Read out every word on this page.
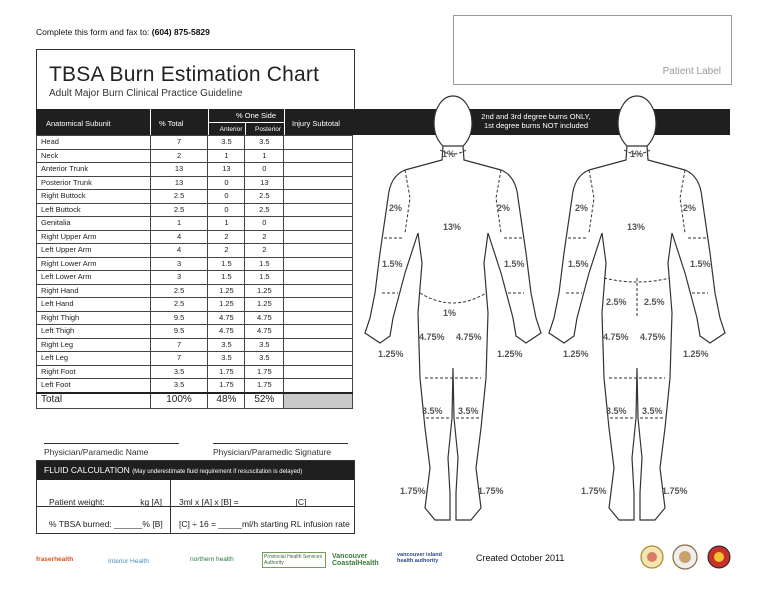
Complete this form and fax to: (604) 875-5829
Patient Label
TBSA Burn Estimation Chart
Adult Major Burn Clinical Practice Guideline
Anatomical Subunit	% Total
% One Side
Anterior	Posterior
Injury Subtotal
2nd and 3rd degree burns ONLY,
1st degree burns NOT included
Head	7	3.5	3.5	
Neck	2	1	1	
Anterior Trunk	13	13	0	
Posterior Trunk	13	0	13	
Right Buttock	2.5	0	2.5	
Left Buttock	2.5	0	2.5	
Genitalia	1	1	0	
Right Upper Arm	4	2	2	
Left Upper Arm	4	2	2	
Right Lower Arm	3	1.5	1.5	
Left Lower Arm	3	1.5	1.5	
Right Hand	2.5	1.25	1.25	
Left Hand	2.5	1.25	1.25	
Right Thigh	9.5	4.75	4.75	
Left Thigh	9.5	4.75	4.75	
Right Leg	7	3.5	3.5	
Left Leg	7	3.5	3.5	
Right Foot	3.5	1.75	1.75	
Left Foot	3.5	1.75	1.75	
Total	100%	48%	52%	
Physician/Paramedic Name	Physician/Paramedic Signature
FLUID CALCULATION (May underestimate fluid requirement if resuscitation is delayed)
Patient weight: _______kg [A] 3ml x [A] x [B] = ___________ [C]
% TBSA burned: ______% [B] [C] ÷ 16 = _____ml/h starting RL infusion rate
1%	1%
2%	2%	2%	2%
13%	13%
1.5%	1.5%	1.5%	1.5%
2.5% 2.5%
1%
4.75% 4.75%	4.75% 4.75%
1.25%	1.25%	1.25%	1.25%
3.5% 3.5%	3.5% 3.5%
1.75%	1.75%	1.75%	1.75%
fraserhealth	Interior Health	northern health	Provincial Health Services Authority
Vancouver CoastalHealth
vancouver island health authority	Created October 2011
